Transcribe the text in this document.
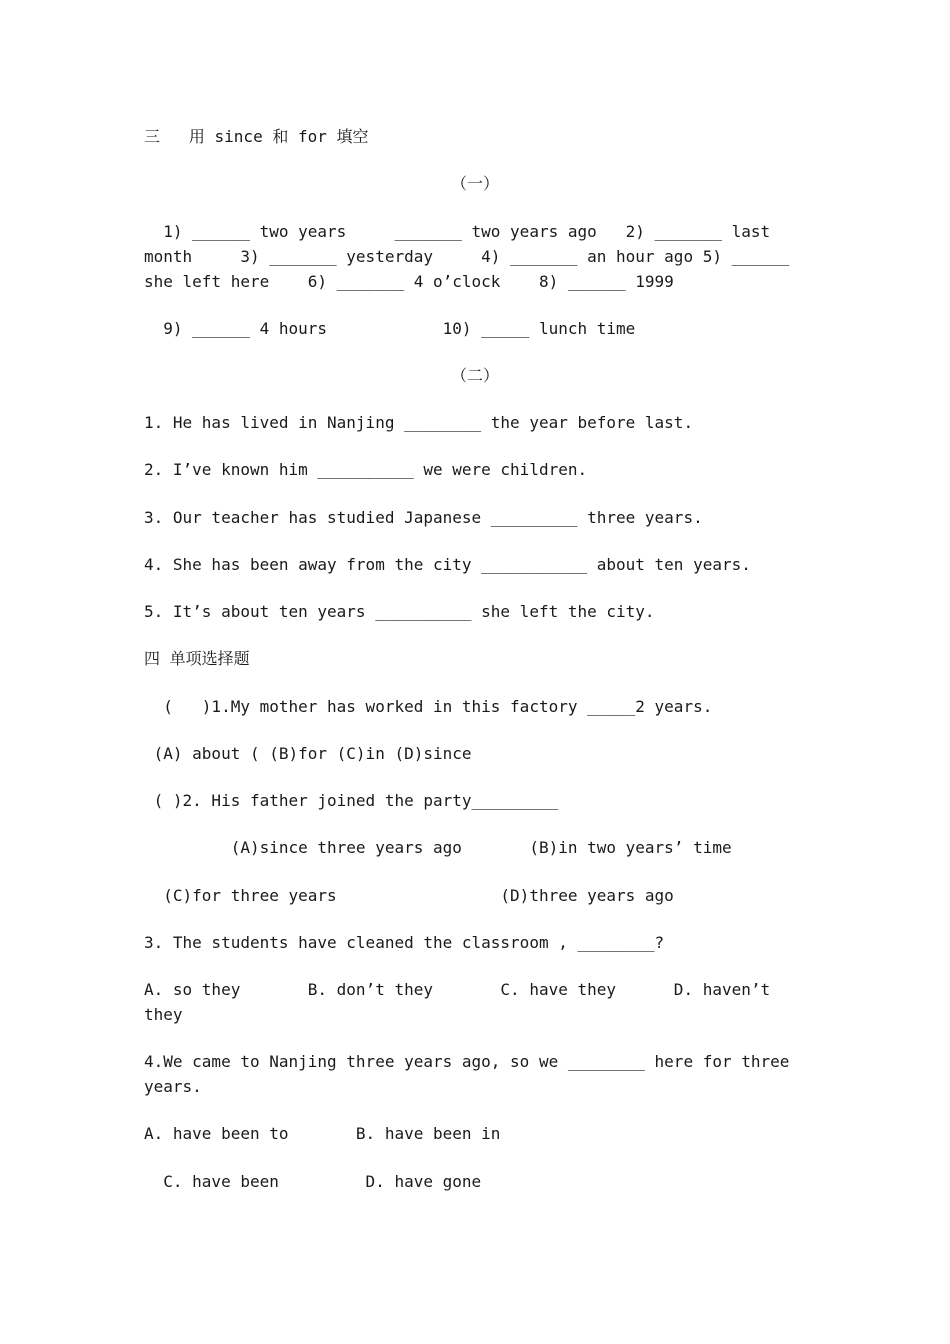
三   用 since 和 for 填空
（一）
1) ______ two years     _______ two years ago   2) _______ last
month     3) _______ yesterday     4) _______ an hour ago 5) ______
she left here    6) _______ 4 o’clock    8) ______ 1999
9) ______ 4 hours            10) _____ lunch time
（二）
1. He has lived in Nanjing ________ the year before last.
2. I’ve known him __________ we were children.
3. Our teacher has studied Japanese _________ three years.
4. She has been away from the city ___________ about ten years.
5. It’s about ten years __________ she left the city.
四 单项选择题
(   )1.My mother has worked in this factory _____2 years.
(A) about ( (B)for (C)in (D)since
( )2. His father joined the party_________
(A)since three years ago       (B)in two years’ time
(C)for three years                 (D)three years ago
3. The students have cleaned the classroom , ________?
A. so they       B. don’t they       C. have they      D. haven’t
they
4.We came to Nanjing three years ago, so we ________ here for three
years.
A. have been to       B. have been in
C. have been         D. have gone
